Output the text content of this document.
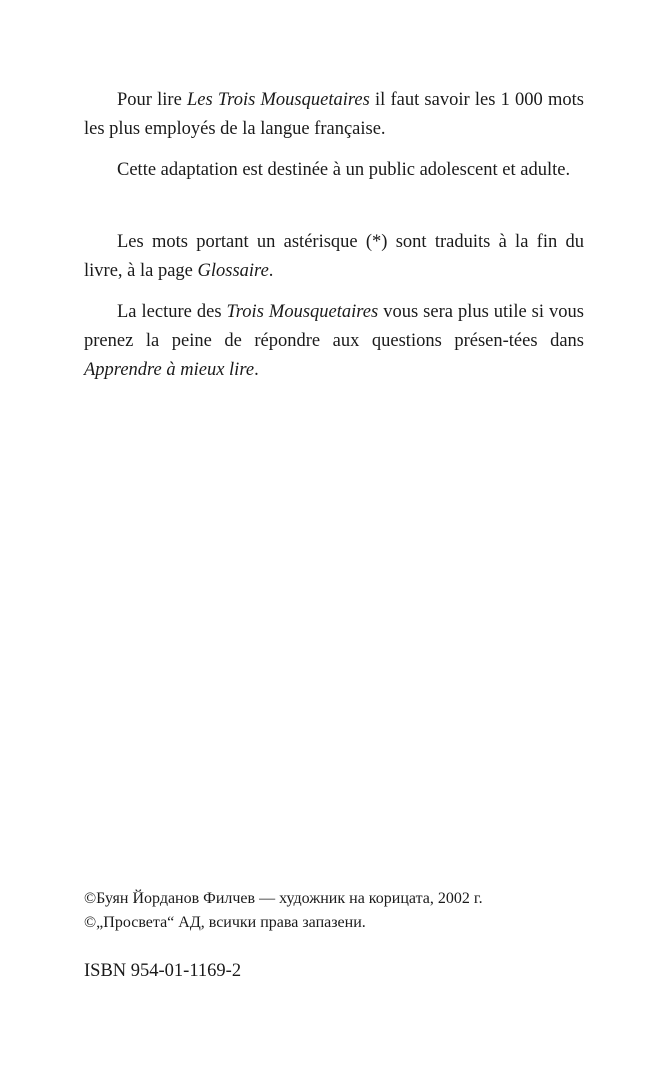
Pour lire Les Trois Mousquetaires il faut savoir les 1 000 mots les plus employés de la langue française.

Cette adaptation est destinée à un public adolescent et adulte.

Les mots portant un astérisque (*) sont traduits à la fin du livre, à la page Glossaire.

La lecture des Trois Mousquetaires vous sera plus utile si vous prenez la peine de répondre aux questions présen-tées dans Apprendre à mieux lire.

©Буян Йорданов Филчев — художник на корицата, 2002 г.

©„Просвета“ АД, всички права запазени.

ISBN 954-01-1169-2
